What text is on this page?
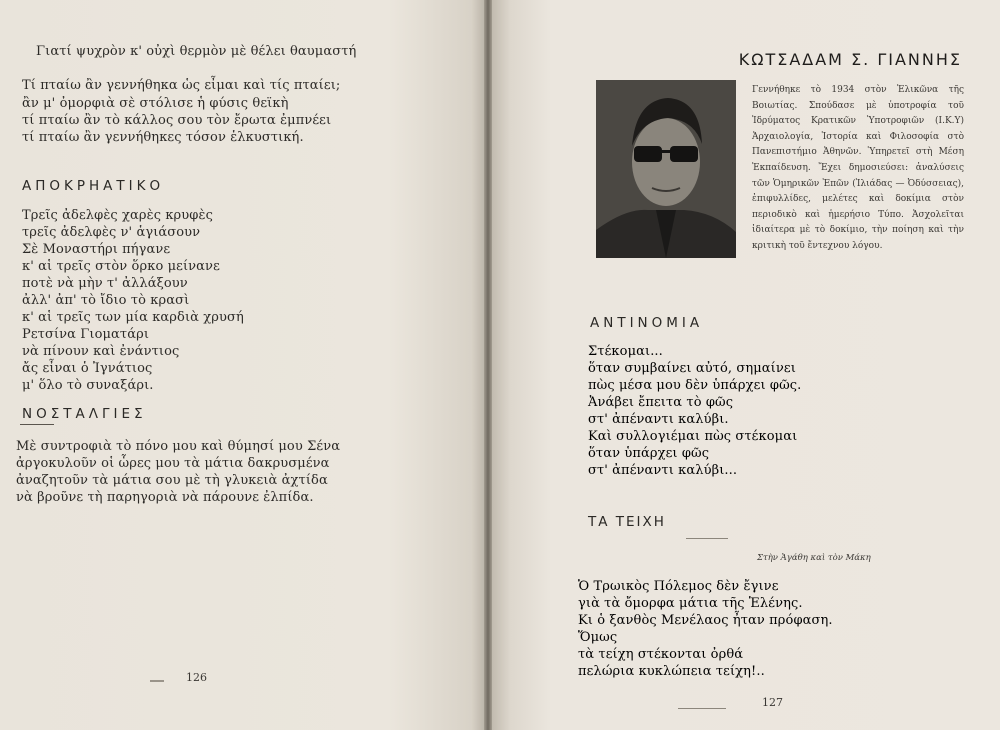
Γιατί ψυχρὸν κ' οὐχὶ θερμὸν μὲ θέλει θαυμαστή
Τί πταίω ἂν γεννήθηκα ὡς εἶμαι καὶ τίς πταίει;
ἂν μ' ὀμορφιὰ σὲ στόλισε ἡ φύσις θεϊκὴ
τί πταίω ἂν τὸ κάλλος σου τὸν ἔρωτα ἐμπνέει
τί πταίω ἂν γεννήθηκες τόσον ἑλκυστική.
ΑΠΟΚΡΗΑΤΙΚΟ
Τρεῖς ἀδελφὲς χαρὲς κρυφὲς
τρεῖς ἀδελφὲς ν' ἁγιάσουν
Σὲ Μοναστήρι πήγανε
κ' αἱ τρεῖς στὸν ὅρκο μείνανε
ποτὲ νὰ μὴν τ' ἀλλάξουν
ἀλλ' ἀπ' τὸ ἴδιο τὸ κρασὶ
κ' αἱ τρεῖς των μία καρδιὰ χρυσή
Ρετσίνα Γιοματάρι
νὰ πίνουν καὶ ἐνάντιος
ἄς εἶναι ὁ Ἰγνάτιος
μ' ὅλο τὸ συναξάρι.
ΝΟΣΤΑΛΓΙΕΣ
Μὲ συντροφιὰ τὸ πόνο μου καὶ θύμησί μου Σένα
ἀργοκυλοῦν οἱ ὧρες μου τὰ μάτια δακρυσμένα
ἀναζητοῦν τὰ μάτια σου μὲ τὴ γλυκειὰ ἀχτίδα
νὰ βροῦνε τὴ παρηγοριὰ νὰ πάρουνε ἐλπίδα.
126
ΚΩΤΣΑΔΑΜ Σ. ΓΙΑΝΝΗΣ
Γεννήθηκε τὸ 1934 στὸν Ἑλικῶνα τῆς Βοιωτίας. Σπούδασε μὲ ὑποτροφία τοῦ Ἱδρύματος Κρατικῶν Ὑποτροφιῶν (Ι.Κ.Υ) Ἀρχαιολογία, Ἱστορία καὶ Φιλοσοφία στὸ Πανεπιστήμιο Ἀθηνῶν. Ὑπηρετεῖ στὴ Μέση Ἐκπαίδευση. Ἔχει δημοσιεύσει: ἀναλύσεις τῶν Ὁμηρικῶν Ἐπῶν (Ἰλιάδας — Ὀδύσσειας), ἐπιφυλλίδες, μελέτες καὶ δοκίμια στὸν περιοδικὸ καὶ ἡμερήσιο Τύπο. Ἀσχολεῖται ἰδιαίτερα μὲ τὸ δοκίμιο, τὴν ποίηση καὶ τὴν κριτικὴ τοῦ ἔντεχνου λόγου.
ΑΝΤΙΝΟΜΙΑ
Στέκομαι...
ὅταν συμβαίνει αὐτό, σημαίνει
πὼς μέσα μου δὲν ὑπάρχει φῶς.
Ἀνάβει ἔπειτα τὸ φῶς
στ' ἀπέναντι καλύβι.
Καὶ συλλογιέμαι πὼς στέκομαι
ὅταν ὑπάρχει φῶς
στ' ἀπέναντι καλύβι...
ΤΑ ΤΕΙΧΗ
Στὴν Ἀγάθη καὶ τὸν Μάκη
Ὁ Τρωικὸς Πόλεμος δὲν ἔγινε
γιὰ τὰ ὄμορφα μάτια τῆς Ἑλένης.
Κι ὁ ξανθὸς Μενέλαος ἦταν πρόφαση.
Ὅμως
τὰ τείχη στέκονται ὀρθά
πελώρια κυκλώπεια τείχη!..
127
